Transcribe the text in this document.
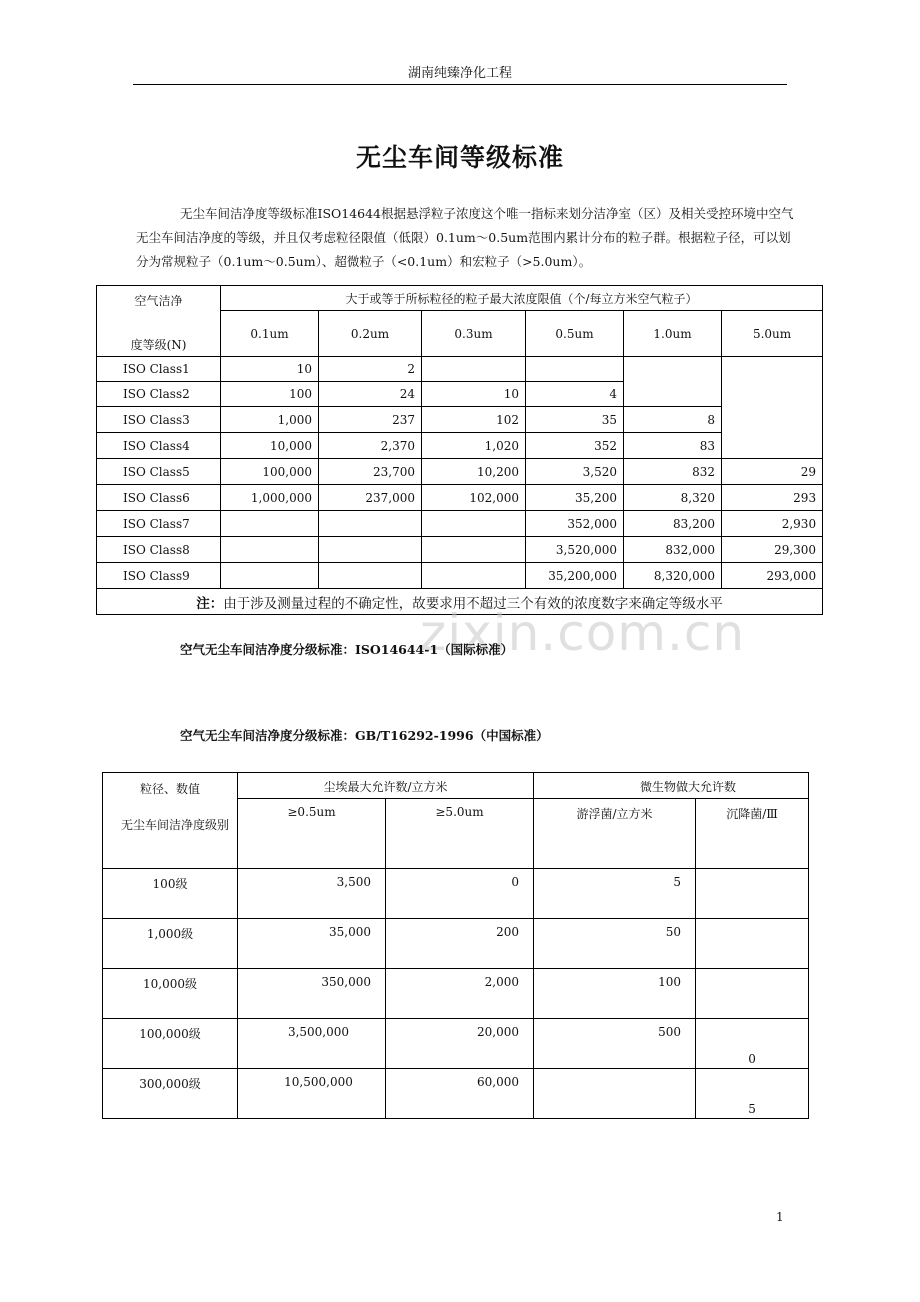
湖南纯臻净化工程
无尘车间等级标准
无尘车间洁净度等级标准ISO14644根据悬浮粒子浓度这个唯一指标来划分洁净室（区）及相关受控环境中空气无尘车间洁净度的等级，并且仅考虑粒径限值（低限）0.1um～0.5um范围内累计分布的粒子群。根据粒子径，可以划分为常规粒子（0.1um～0.5um）、超微粒子（<0.1um）和宏粒子（>5.0um）。
空气洁净
度等级(N)	大于或等于所标粒径的粒子最大浓度限值（个/每立方米空气粒子）					
	0.1um	0.2um	0.3um	0.5um	1.0um	5.0um
ISO Class1	10	2				
ISO Class2	100	24	10	4		
ISO Class3	1,000	237	102	35	8	
ISO Class4	10,000	2,370	1,020	352	83	
ISO Class5	100,000	23,700	10,200	3,520	832	29
ISO Class6	1,000,000	237,000	102,000	35,200	8,320	293
ISO Class7				352,000	83,200	2,930
ISO Class8				3,520,000	832,000	29,300
ISO Class9				35,200,000	8,320,000	293,000
注：由于涉及测量过程的不确定性，故要求用不超过三个有效的浓度数字来确定等级水平						
zixin.com.cn
空气无尘车间洁净度分级标准：ISO14644-1（国际标准）
空气无尘车间洁净度分级标准：GB/T16292-1996（中国标准）
粒径、数值
无尘车间洁净度级别	尘埃最大允许数/立方米		微生物做大允许数	
	≥0.5um	≥5.0um	游浮菌/立方米	沉降菌/Ⅲ
100级	3,500	0	5	
1,000级	35,000	200	50	
10,000级	350,000	2,000	100	
100,000级	3,500,000	20,000	500	0
300,000级	10,500,000	60,000		5
1
